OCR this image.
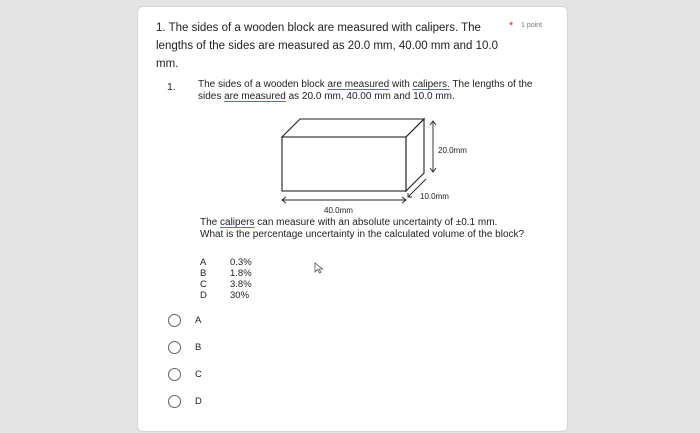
1. The sides of a wooden block are measured with calipers. The lengths of the sides are measured as 20.0 mm, 40.00 mm and 10.0 mm.
* 1 point
1. The sides of a wooden block are measured with calipers. The lengths of the sides are measured as 20.0 mm, 40.00 mm and 10.0 mm.
20.0mm
10.0mm
40.0mm
The calipers can measure with an absolute uncertainty of ±0.1 mm.
What is the percentage uncertainty in the calculated volume of the block?
A	0.3%
B	1.8%
C	3.8%
D	30%
A
B
C
D
